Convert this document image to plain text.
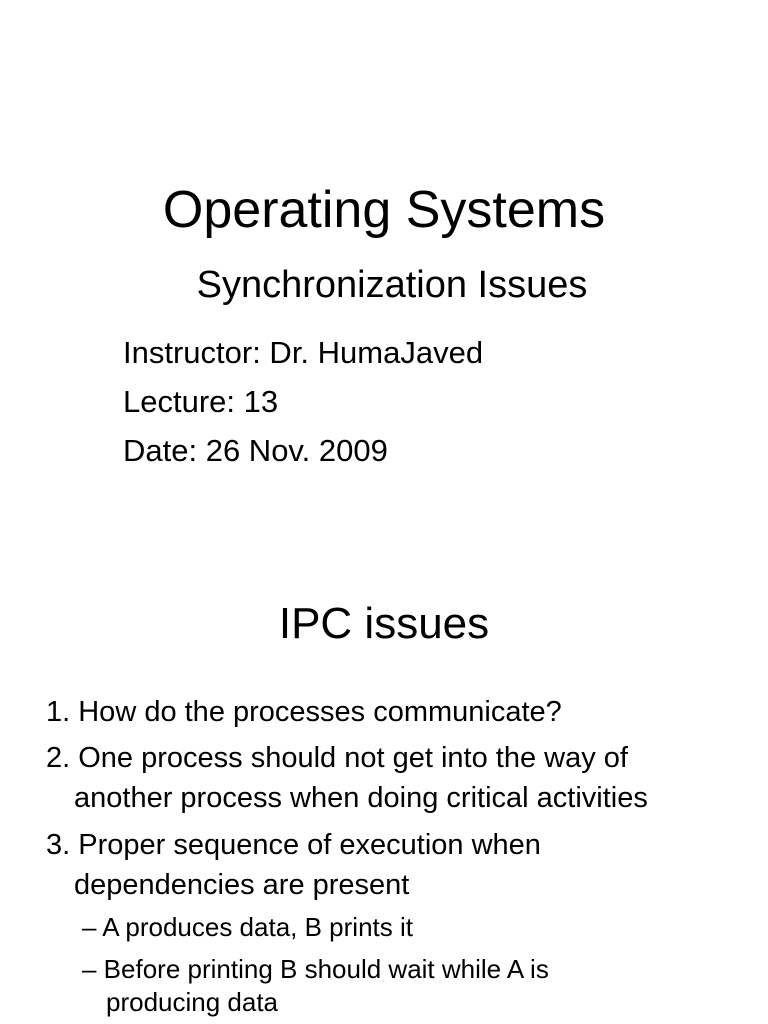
Operating Systems
Synchronization Issues
Instructor: Dr. HumaJaved
Lecture: 13
Date: 26 Nov. 2009
IPC issues
1. How do the processes communicate?
2. One process should not get into the way of
another process when doing critical activities
3. Proper sequence of execution when
dependencies are present
– A produces data, B prints it
– Before printing B should wait while A is
producing data
